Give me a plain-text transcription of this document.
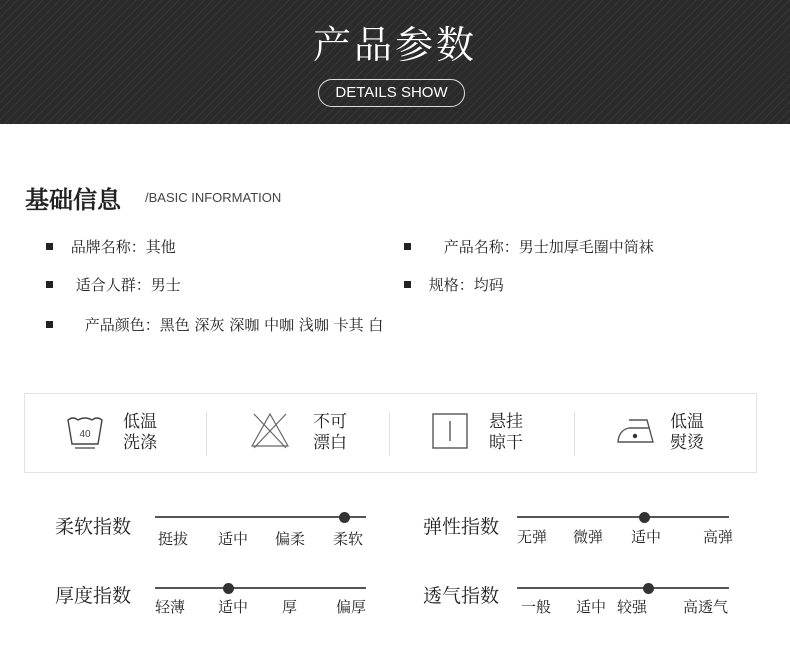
产品参数
DETAILS SHOW
基础信息 /BASIC INFORMATION
品牌名称：其他	产品名称：男士加厚毛圈中筒袜
适合人群：男士	规格：均码
产品颜色：黑色 深灰 深咖 中咖 浅咖 卡其 白
40
低温
洗涤
不可
漂白
悬挂
晾干
低温
熨烫
柔软指数
挺拔 适中 偏柔 柔软
弹性指数 无弹 微弹 适中	高弹
厚度指数 轻薄 适中 厚	偏厚	透气指数 一般 适中 较强 高透气
